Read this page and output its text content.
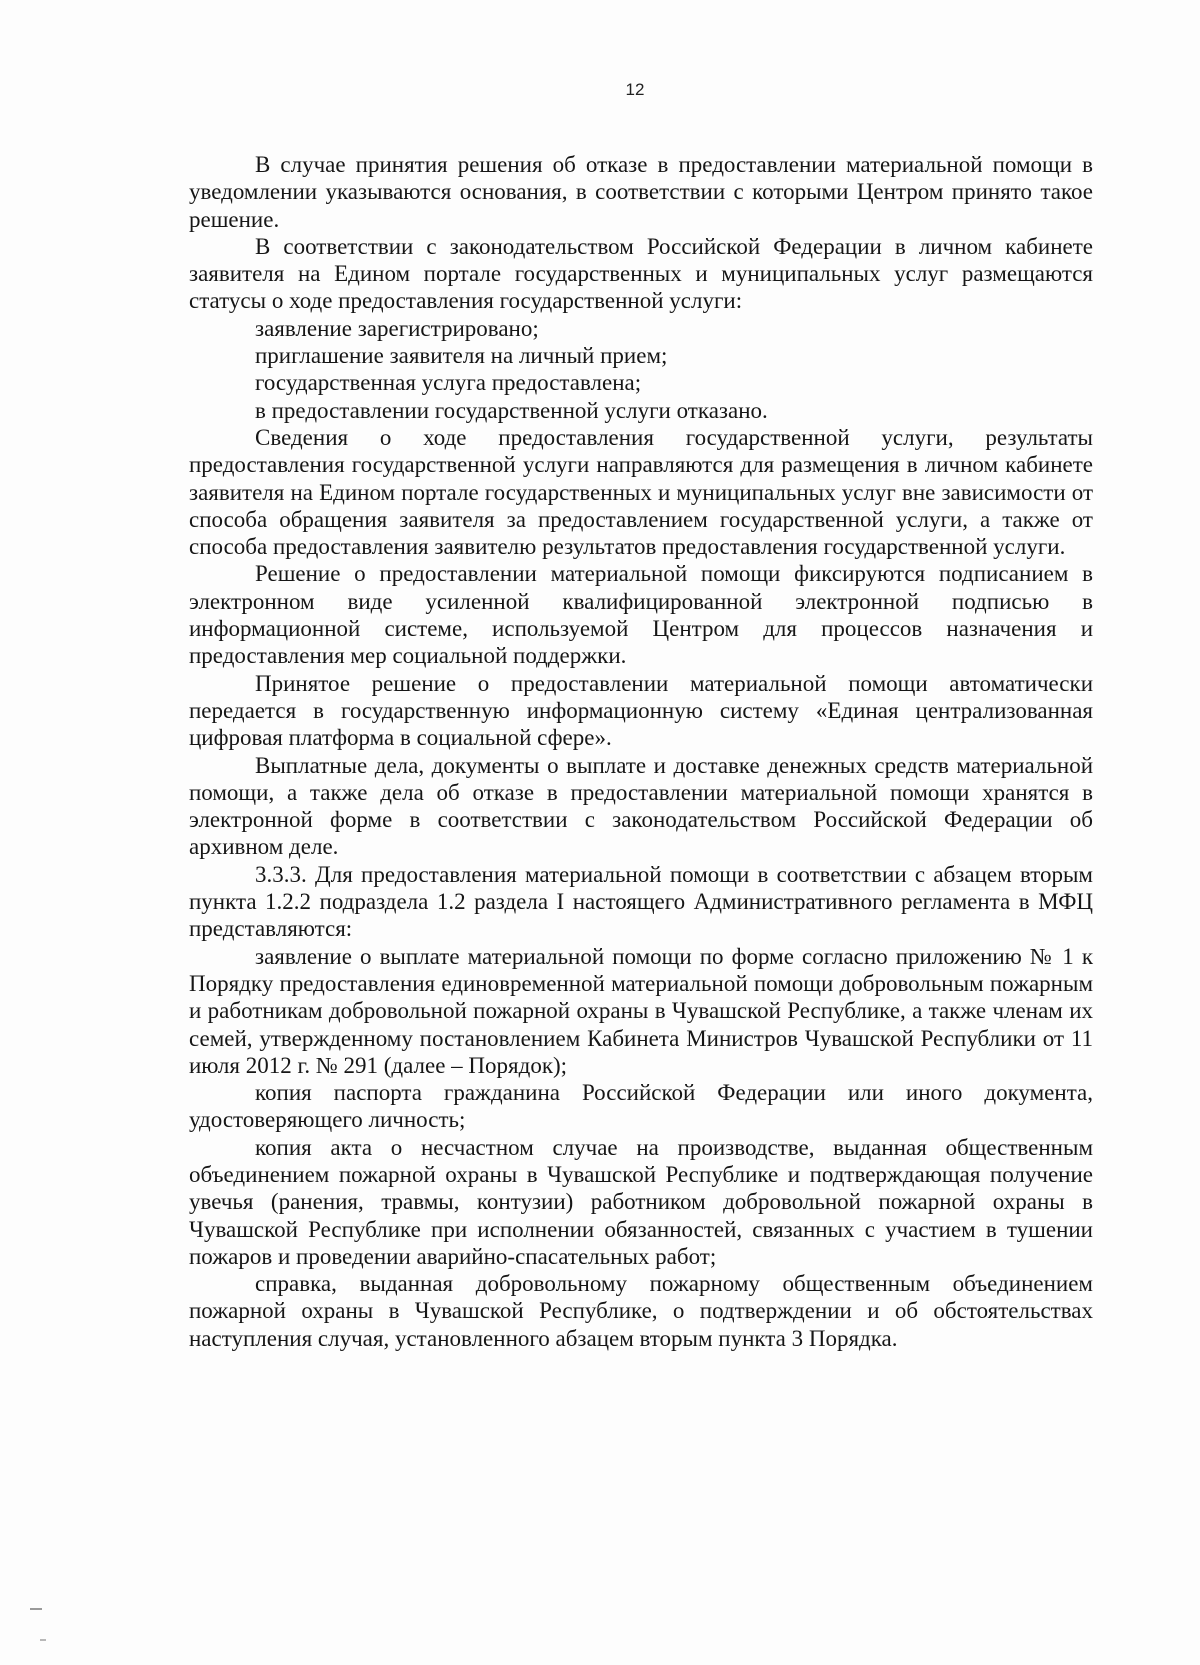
12

В случае принятия решения об отказе в предоставлении материальной помощи в уведомлении указываются основания, в соответствии с которыми Центром принято такое решение.

В соответствии с законодательством Российской Федерации в личном кабинете заявителя на Едином портале государственных и муниципальных услуг размещаются статусы о ходе предоставления государственной услуги:

заявление зарегистрировано;

приглашение заявителя на личный прием;

государственная услуга предоставлена;

в предоставлении государственной услуги отказано.

Сведения о ходе предоставления государственной услуги, результаты предоставления государственной услуги направляются для размещения в личном кабинете заявителя на Едином портале государственных и муниципальных услуг вне зависимости от способа обращения заявителя за предоставлением государственной услуги, а также от способа предоставления заявителю результатов предоставления государственной услуги.

Решение о предоставлении материальной помощи фиксируются подписанием в электронном виде усиленной квалифицированной электронной подписью в информационной системе, используемой Центром для процессов назначения и предоставления мер социальной поддержки.

Принятое решение о предоставлении материальной помощи автоматически передается в государственную информационную систему «Единая централизованная цифровая платформа в социальной сфере».

Выплатные дела, документы о выплате и доставке денежных средств материальной помощи, а также дела об отказе в предоставлении материальной помощи хранятся в электронной форме в соответствии с законодательством Российской Федерации об архивном деле.

3.3.3. Для предоставления материальной помощи в соответствии с абзацем вторым пункта 1.2.2 подраздела 1.2 раздела I настоящего Административного регламента в МФЦ представляются:

заявление о выплате материальной помощи по форме согласно приложению № 1 к Порядку предоставления единовременной материальной помощи добровольным пожарным и работникам добровольной пожарной охраны в Чувашской Республике, а также членам их семей, утвержденному постановлением Кабинета Министров Чувашской Республики от 11 июля 2012 г. № 291 (далее – Порядок);

копия паспорта гражданина Российской Федерации или иного документа, удостоверяющего личность;

копия акта о несчастном случае на производстве, выданная общественным объединением пожарной охраны в Чувашской Республике и подтверждающая получение увечья (ранения, травмы, контузии) работником добровольной пожарной охраны в Чувашской Республике при исполнении обязанностей, связанных с участием в тушении пожаров и проведении аварийно-спасательных работ;

справка, выданная добровольному пожарному общественным объединением пожарной охраны в Чувашской Республике, о подтверждении и об обстоятельствах наступления случая, установленного абзацем вторым пункта 3 Порядка.
